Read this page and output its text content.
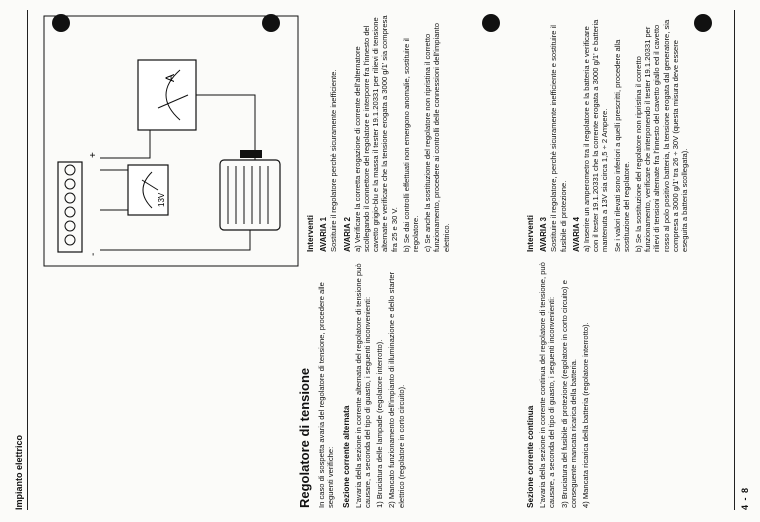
Impianto elettrico
-
+
13V
A
Regolatore di tensione In caso di sospetta avaria del regolatore di tensione, procedere alle seguenti verifiche: Sezione corrente alternata L'avaria della sezione in corrente alternata del regolatore di tensione può causare, a seconda del tipo di guasto, i seguenti inconvenienti: 1) Bruciatura delle lampade (regolatore interrotto). 2) Mancato funzionamento dell'impianto di illuminazione e dello starter elettrico (regolatore in corto circuito).

Interventi AVARIA 1 Sostituire il regolatore perchè sicuramente inefficiente. AVARIA 2 a) Verificare la corretta erogazione di corrente dell'alternatore scollegando il connettore del regolatore e interporre fra l'innesto del cavetto grigio-blu e la massa il tester 19.1.20331 per rilievi di tensione alternate e verificare che la tensione erogata a 3000 g/1' sia compresa fra 25 e 30 V. b) Se dai controlli effettuati non emergono anomalie, sostituire il regolatore. c) Se anche la sostituzione del regolatore non ripristina il corretto funzionamento, procedere ai controlli delle connessioni dell'impianto elettrico.

Sezione corrente continua L'avaria della sezione in corrente continua del regolatore di tensione, può causare, a seconda del tipo di guasto, i seguenti inconvenienti: 3) Bruciatura del fusibile di protezione (regolatore in corto circuito) e conseguente mancata ricarica della batteria. 4) Mancata ricarica della batteria (regolatore interrotto).

Interventi AVARIA 3 Sostituire il regolatore, perchè sicuramente inefficiente e sostituire il fusibile di protezione. AVARIA 4 a) Inserire un amperometro tra il regolatore e la batteria e verificare con il tester 19.1.20331 che la corrente erogata a 3000 g/1' e batteria mantenuta a 13V sia circa 1,5 ÷ 2 Ampere. Se i valori rilevati sono inferiori a quelli prescritti, procedere alla sostituzione del regolatore. b) Se la sostituzione del regolatore non ripristina il corretto funzionamento, verificare che interponendo il tester 19.1.20331 per rilievi di tensioni alternate fra l'innesto del cavetto giallo ed il cavetto rosso al polo positivo batteria, la tensione erogata dal generatore, sia compresa a 3000 g/1' tra 26 ÷ 30V (questa misura deve essere eseguita a batteria scollegata).

4 - 8
